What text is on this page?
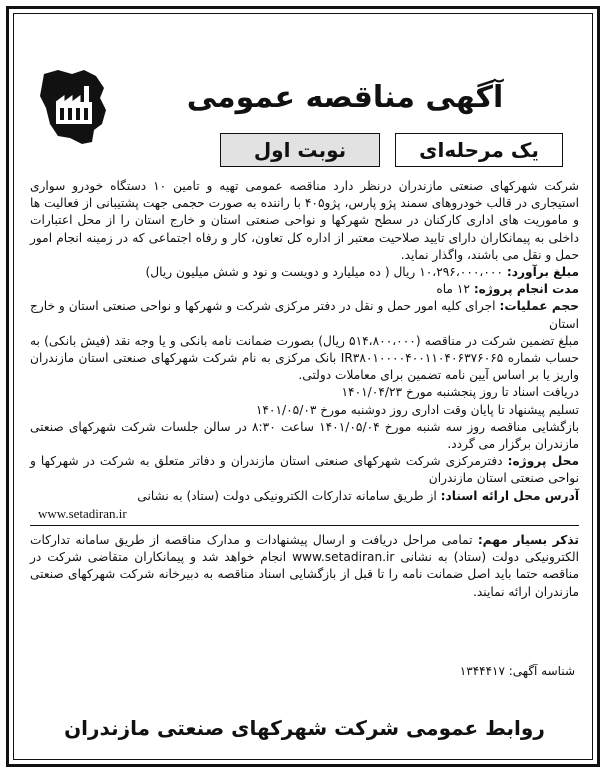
آگهی مناقصه عمومی
یک مرحله‌ای
نوبت اول

شرکت شهرکهای صنعتی مازندران درنظر دارد مناقصه عمومی تهیه و تامین ۱۰ دستگاه خودرو سواری استیجاری در قالب خودروهای سمند پژو پارس، پژو۴۰۵ با راننده به صورت حجمی جهت پشتیبانی از فعالیت ها و ماموریت های اداری کارکنان در سطح شهرکها و نواحی صنعتی استان و خارج استان را از محل اعتبارات داخلی به پیمانکاران دارای تایید صلاحیت معتبر از اداره کل تعاون، کار و رفاه اجتماعی که در زمینه انجام امور حمل و نقل می باشند، واگذار نماید.

مبلغ برآورد: ۱۰،۲۹۶،۰۰۰،۰۰۰ ریال ( ده میلیارد و دویست و نود و شش میلیون ریال)

مدت انجام پروژه: ۱۲ ماه

حجم عملیات: اجرای کلیه امور حمل و نقل در دفتر مرکزی شرکت و شهرکها و نواحی صنعتی استان و خارج استان

مبلغ تضمین شرکت در مناقصه (۵۱۴،۸۰۰،۰۰۰ ریال) بصورت ضمانت نامه بانکی و یا وجه نقد (فیش بانکی) به حساب شماره IR۳۸۰۱۰۰۰۰۴۰۰۱۱۰۴۰۶۳۷۶۰۶۵ بانک مرکزی به نام شرکت شهرکهای صنعتی استان مازندران واریز یا بر اساس آیین نامه تضمین برای معاملات دولتی.

دریافت اسناد تا روز پنجشنبه مورخ ۱۴۰۱/۰۴/۲۳

تسلیم پیشنهاد تا پایان وقت اداری روز دوشنبه مورخ ۱۴۰۱/۰۵/۰۳

بازگشایی مناقصه روز سه شنبه مورخ ۱۴۰۱/۰۵/۰۴ ساعت ۸:۳۰ در سالن جلسات شرکت شهرکهای صنعتی مازندران برگزار می گردد.

محل پروژه: دفترمرکزی شرکت شهرکهای صنعتی استان مازندران و دفاتر متعلق به شرکت در شهرکها و نواحی صنعتی استان مازندران

آدرس محل ارائه اسناد: از طریق سامانه تدارکات الکترونیکی دولت (ستاد) به نشانی

www.setadiran.ir

تذکر بسیار مهم: تمامی مراحل دریافت و ارسال پیشنهادات و مدارک مناقصه از طریق سامانه تدارکات الکترونیکی دولت (ستاد) به نشانی www.setadiran.ir انجام خواهد شد و پیمانکاران متقاضی شرکت در مناقصه حتما باید اصل ضمانت نامه را تا قبل از بازگشایی اسناد مناقصه به دبیرخانه شرکت شهرکهای صنعتی مازندران ارائه نمایند.

شناسه آگهی: ۱۳۴۴۴۱۷
روابط عمومی شرکت شهرکهای صنعتی مازندران
